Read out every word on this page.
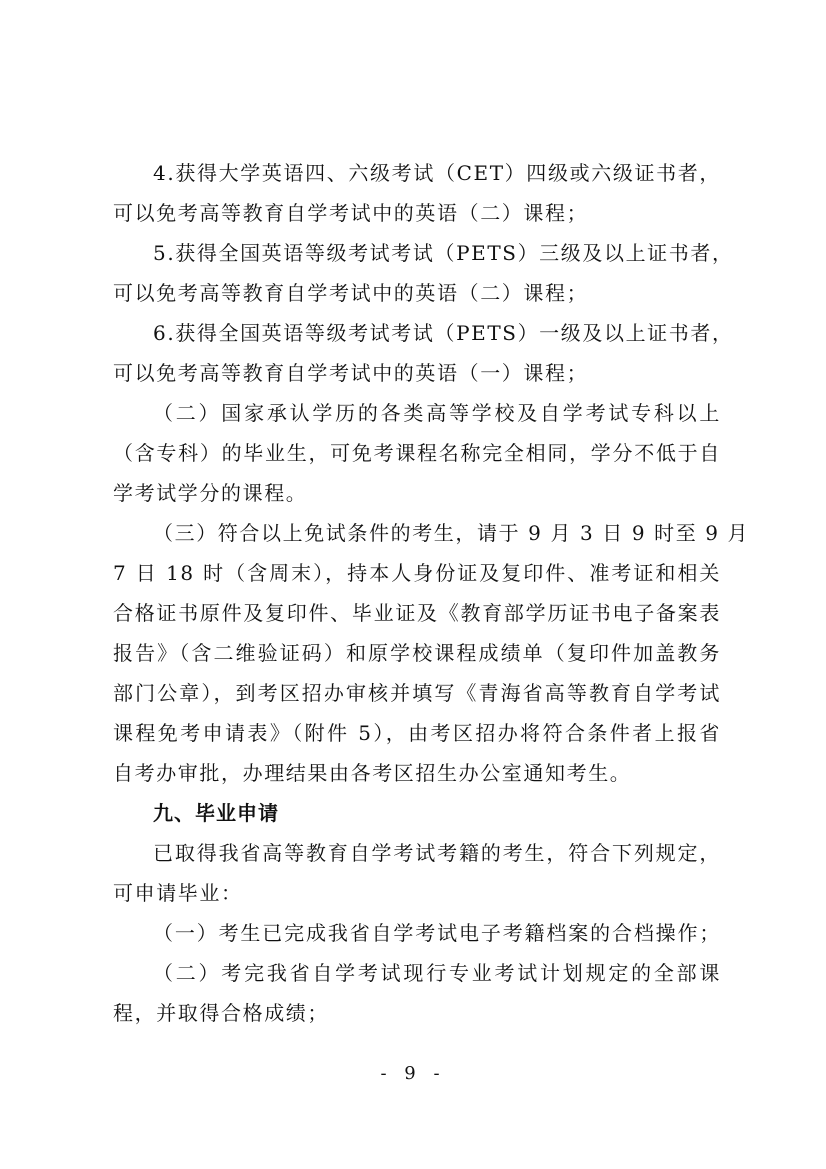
4.获得大学英语四、六级考试（CET）四级或六级证书者，
可以免考高等教育自学考试中的英语（二）课程；
5.获得全国英语等级考试考试（PETS）三级及以上证书者，
可以免考高等教育自学考试中的英语（二）课程；
6.获得全国英语等级考试考试（PETS）一级及以上证书者，
可以免考高等教育自学考试中的英语（一）课程；
（二）国家承认学历的各类高等学校及自学考试专科以上
（含专科）的毕业生，可免考课程名称完全相同，学分不低于自
学考试学分的课程。
（三）符合以上免试条件的考生，请于 9 月 3 日 9 时至 9 月
7 日 18 时（含周末），持本人身份证及复印件、准考证和相关
合格证书原件及复印件、毕业证及《教育部学历证书电子备案表
报告》（含二维验证码）和原学校课程成绩单（复印件加盖教务
部门公章），到考区招办审核并填写《青海省高等教育自学考试
课程免考申请表》（附件 5），由考区招办将符合条件者上报省
自考办审批，办理结果由各考区招生办公室通知考生。
九、毕业申请
已取得我省高等教育自学考试考籍的考生，符合下列规定，
可申请毕业：
（一）考生已完成我省自学考试电子考籍档案的合档操作；
（二）考完我省自学考试现行专业考试计划规定的全部课
程，并取得合格成绩；
- 9 -
